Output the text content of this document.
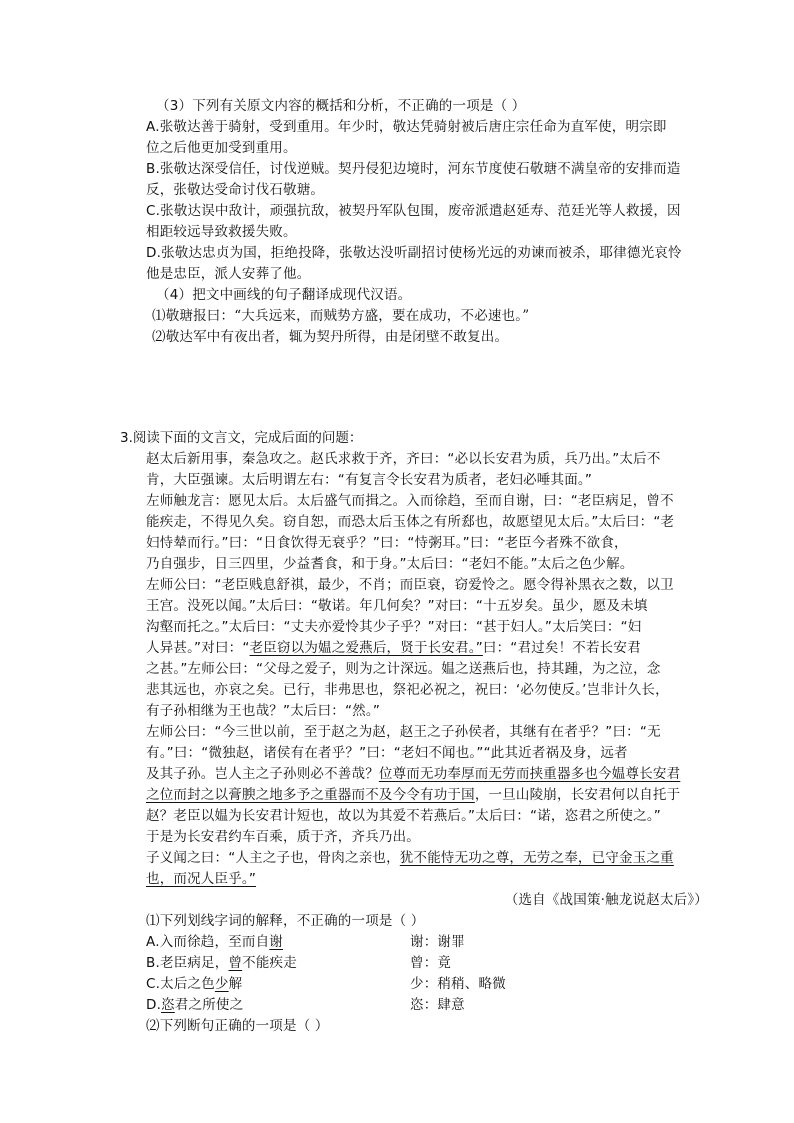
（3）下列有关原文内容的概括和分析，不正确的一项是（ ）
A.张敬达善于骑射，受到重用。年少时，敬达凭骑射被后唐庄宗任命为直军使，明宗即
位之后他更加受到重用。
B.张敬达深受信任，讨伐逆贼。契丹侵犯边境时，河东节度使石敬瑭不满皇帝的安排而造
反，张敬达受命讨伐石敬瑭。
C.张敬达误中敌计，顽强抗敌，被契丹军队包围，废帝派遣赵延寿、范廷光等人救援，因
相距较远导致救援失败。
D.张敬达忠贞为国，拒绝投降，张敬达没听副招讨使杨光远的劝谏而被杀，耶律德光哀怜
他是忠臣，派人安葬了他。
（4）把文中画线的句子翻译成现代汉语。
⑴敬瑭报曰：“大兵远来，而贼势方盛，要在成功，不必速也。”
⑵敬达军中有夜出者，辄为契丹所得，由是闭壁不敢复出。
3.阅读下面的文言文，完成后面的问题：
赵太后新用事，秦急攻之。赵氏求救于齐，齐曰：“必以长安君为质，兵乃出。”太后不
肯，大臣强谏。太后明谓左右：“有复言令长安君为质者，老妇必唾其面。”
左师触龙言：愿见太后。太后盛气而揖之。入而徐趋，至而自谢，曰：“老臣病足，曾不
能疾走，不得见久矣。窃自恕，而恐太后玉体之有所郄也，故愿望见太后。”太后曰：“老
妇恃辇而行。”曰：“日食饮得无衰乎？”曰：“恃粥耳。”曰：“老臣今者殊不欲食，
乃自强步，日三四里，少益耆食，和于身。”太后曰：“老妇不能。”太后之色少解。
左师公曰：“老臣贱息舒祺，最少，不肖；而臣衰，窃爱怜之。愿令得补黑衣之数，以卫
王宫。没死以闻。”太后曰：“敬诺。年几何矣？”对曰：“十五岁矣。虽少，愿及未填
沟壑而托之。”太后曰：“丈夫亦爱怜其少子乎？”对曰：“甚于妇人。”太后笑曰：“妇
人异甚。”对曰：“老臣窃以为媪之爱燕后，贤于长安君。”曰：“君过矣！不若长安君
之甚。”左师公曰：“父母之爱子，则为之计深远。媪之送燕后也，持其踵，为之泣，念
悲其远也，亦哀之矣。已行，非弗思也，祭祀必祝之，祝曰：‘必勿使反。’岂非计久长，
有子孙相继为王也哉？”太后曰：“然。”
左师公曰：“今三世以前，至于赵之为赵，赵王之子孙侯者，其继有在者乎？”曰：“无
有。”曰：“微独赵，诸侯有在者乎？”曰：“老妇不闻也。”“此其近者祸及身，远者
及其子孙。岂人主之子孙则必不善哉？位尊而无功奉厚而无劳而挟重器多也今媪尊长安君
之位而封之以膏腴之地多予之重器而不及今令有功于国，一旦山陵崩，长安君何以自托于
赵？老臣以媪为长安君计短也，故以为其爱不若燕后。”太后曰：“诺，恣君之所使之。”
于是为长安君约车百乘，质于齐，齐兵乃出。
子义闻之曰：“人主之子也，骨肉之亲也，犹不能恃无功之尊，无劳之奉，已守金玉之重
也，而况人臣乎。”
（选自《战国策·触龙说赵太后》）
⑴下列划线字词的解释，不正确的一项是（ ）
A.入而徐趋，至而自谢	谢：谢罪
B.老臣病足，曾不能疾走	曾：竟
C.太后之色少解	少：稍稍、略微
D.恣君之所使之	恣：肆意
⑵下列断句正确的一项是（ ）
